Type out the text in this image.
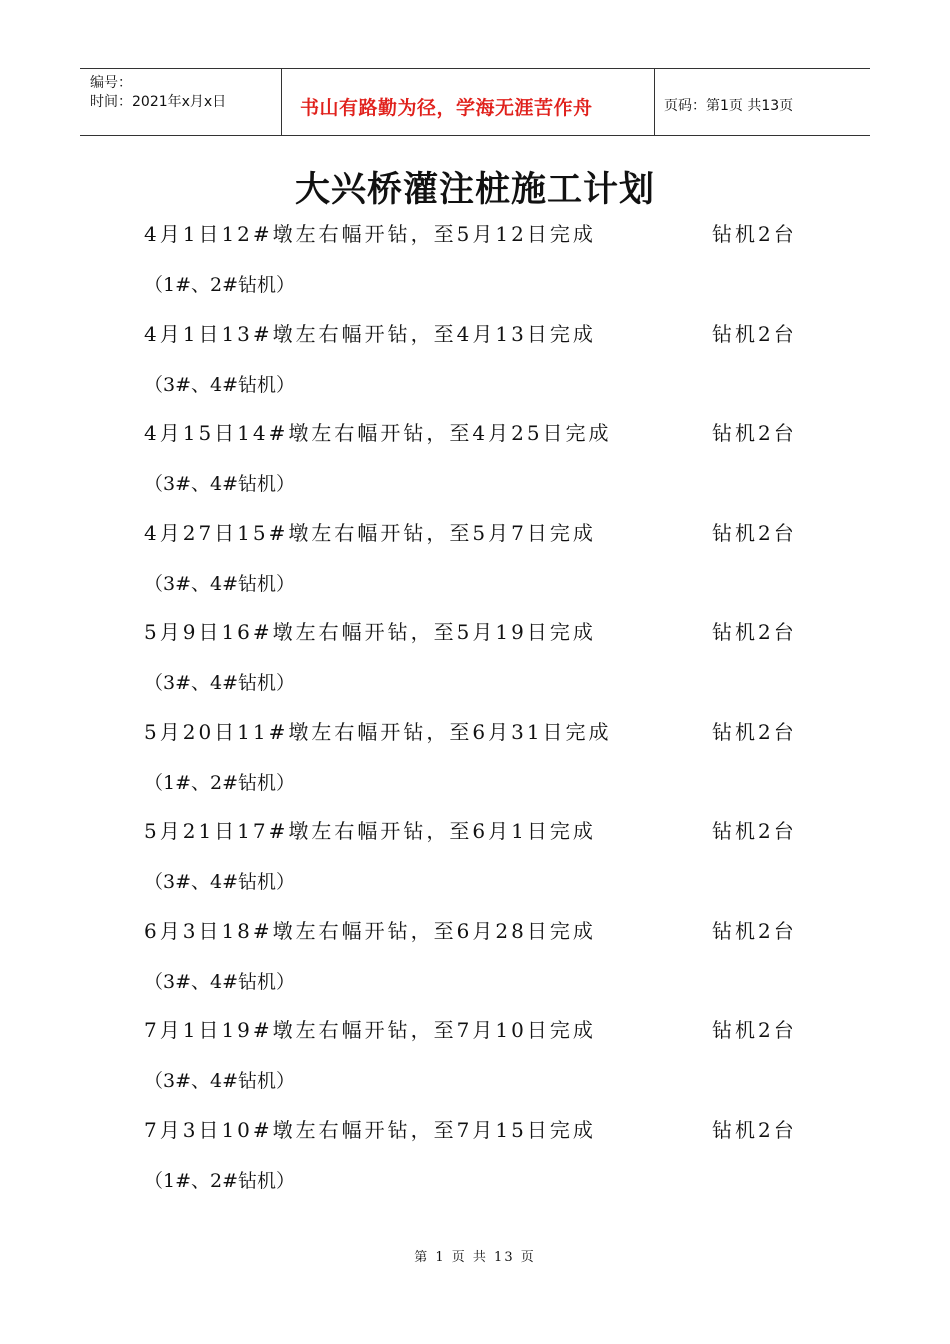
编号：
时间：2021年x月x日	书山有路勤为径，学海无涯苦作舟	页码：第1页 共13页
大兴桥灌注桩施工计划
4月1日12#墩左右幅开钻，至5月12日完成	钻机2台
（1#、2#钻机）
4月1日13#墩左右幅开钻，至4月13日完成	钻机2台
（3#、4#钻机）
4月15日14#墩左右幅开钻，至4月25日完成	钻机2台
（3#、4#钻机）
4月27日15#墩左右幅开钻，至5月7日完成	钻机2台
（3#、4#钻机）
5月9日16#墩左右幅开钻，至5月19日完成	钻机2台
（3#、4#钻机）
5月20日11#墩左右幅开钻，至6月31日完成	钻机2台
（1#、2#钻机）
5月21日17#墩左右幅开钻，至6月1日完成	钻机2台
（3#、4#钻机）
6月3日18#墩左右幅开钻，至6月28日完成	钻机2台
（3#、4#钻机）
7月1日19#墩左右幅开钻，至7月10日完成	钻机2台
（3#、4#钻机）
7月3日10#墩左右幅开钻，至7月15日完成	钻机2台
（1#、2#钻机）
第 1 页 共 13 页
